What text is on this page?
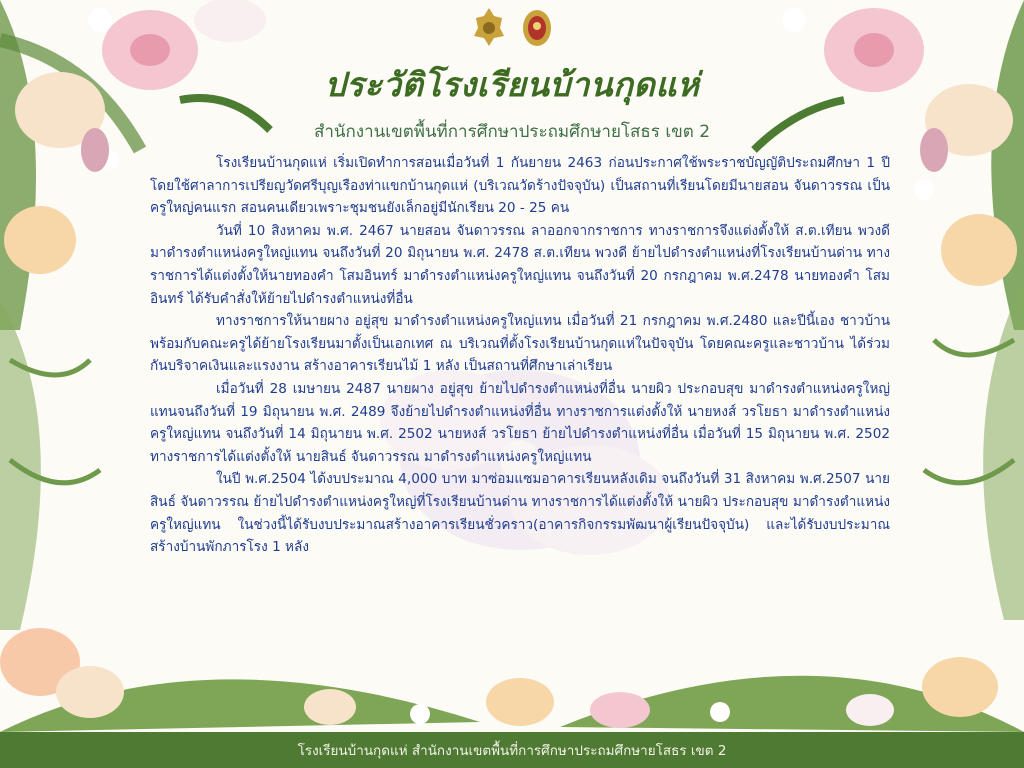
ประวัติโรงเรียนบ้านกุดแห่
สำนักงานเขตพื้นที่การศึกษาประถมศึกษายโสธร เขต 2

โรงเรียนบ้านกุดแห่ เริ่มเปิดทำการสอนเมื่อวันที่ 1 กันยายน 2463 ก่อนประกาศใช้พระราชบัญญัติประถมศึกษา 1 ปี โดยใช้ศาลาการเปรียญวัดศรีบุญเรืองท่าแขกบ้านกุดแห่ (บริเวณวัดร้างปัจจุบัน) เป็นสถานที่เรียนโดยมีนายสอน จันดาวรรณ เป็นครูใหญ่คนแรก สอนคนเดียวเพราะชุมชนยังเล็กอยู่มีนักเรียน 20 - 25 คน

วันที่ 10 สิงหาคม พ.ศ. 2467 นายสอน จันดาวรรณ ลาออกจากราชการ ทางราชการจึงแต่งตั้งให้ ส.ต.เทียน พวงดี มาดำรงตำแหน่งครูใหญ่แทน จนถึงวันที่ 20 มิถุนายน พ.ศ. 2478 ส.ต.เทียน พวงดี ย้ายไปดำรงตำแหน่งที่โรงเรียนบ้านด่าน ทางราชการได้แต่งตั้งให้นายทองคำ โสมอินทร์ มาดำรงตำแหน่งครูใหญ่แทน จนถึงวันที่ 20 กรกฎาคม พ.ศ.2478 นายทองคำ โสมอินทร์ ได้รับคำสั่งให้ย้ายไปดำรงตำแหน่งที่อื่น

ทางราชการให้นายผาง อยู่สุข มาดำรงตำแหน่งครูใหญ่แทน เมื่อวันที่ 21 กรกฎาคม พ.ศ.2480 และปีนี้เอง ชาวบ้านพร้อมกับคณะครูได้ย้ายโรงเรียนมาตั้งเป็นเอกเทศ ณ บริเวณที่ตั้งโรงเรียนบ้านกุดแห่ในปัจจุบัน โดยคณะครูและชาวบ้าน ได้ร่วมกันบริจาคเงินและแรงงาน สร้างอาคารเรียนไม้ 1 หลัง เป็นสถานที่ศึกษาเล่าเรียน

เมื่อวันที่ 28 เมษายน 2487 นายผาง อยู่สุข ย้ายไปดำรงตำแหน่งที่อื่น นายผิว ประกอบสุข มาดำรงตำแหน่งครูใหญ่แทนจนถึงวันที่ 19 มิถุนายน พ.ศ. 2489 จึงย้ายไปดำรงตำแหน่งที่อื่น ทางราชการแต่งตั้งให้ นายหงส์ วรโยธา มาดำรงตำแหน่งครูใหญ่แทน จนถึงวันที่ 14 มิถุนายน พ.ศ. 2502 นายหงส์ วรโยธา ย้ายไปดำรงตำแหน่งที่อื่น เมื่อวันที่ 15 มิถุนายน พ.ศ. 2502 ทางราชการได้แต่งตั้งให้ นายสินธ์ จันดาวรรณ มาดำรงตำแหน่งครูใหญ่แทน

ในปี พ.ศ.2504 ได้งบประมาณ 4,000 บาท มาซ่อมแซมอาคารเรียนหลังเดิม จนถึงวันที่ 31 สิงหาคม พ.ศ.2507 นายสินธ์ จันดาวรรณ ย้ายไปดำรงตำแหน่งครูใหญ่ที่โรงเรียนบ้านด่าน ทางราชการได้แต่งตั้งให้ นายผิว ประกอบสุข มาดำรงตำแหน่งครูใหญ่แทน ในช่วงนี้ได้รับงบประมาณสร้างอาคารเรียนชั่วคราว(อาคารกิจกรรมพัฒนาผู้เรียนปัจจุบัน) และได้รับงบประมาณสร้างบ้านพักภารโรง 1 หลัง

โรงเรียนบ้านกุดแห่ สำนักงานเขตพื้นที่การศึกษาประถมศึกษายโสธร เขต 2
